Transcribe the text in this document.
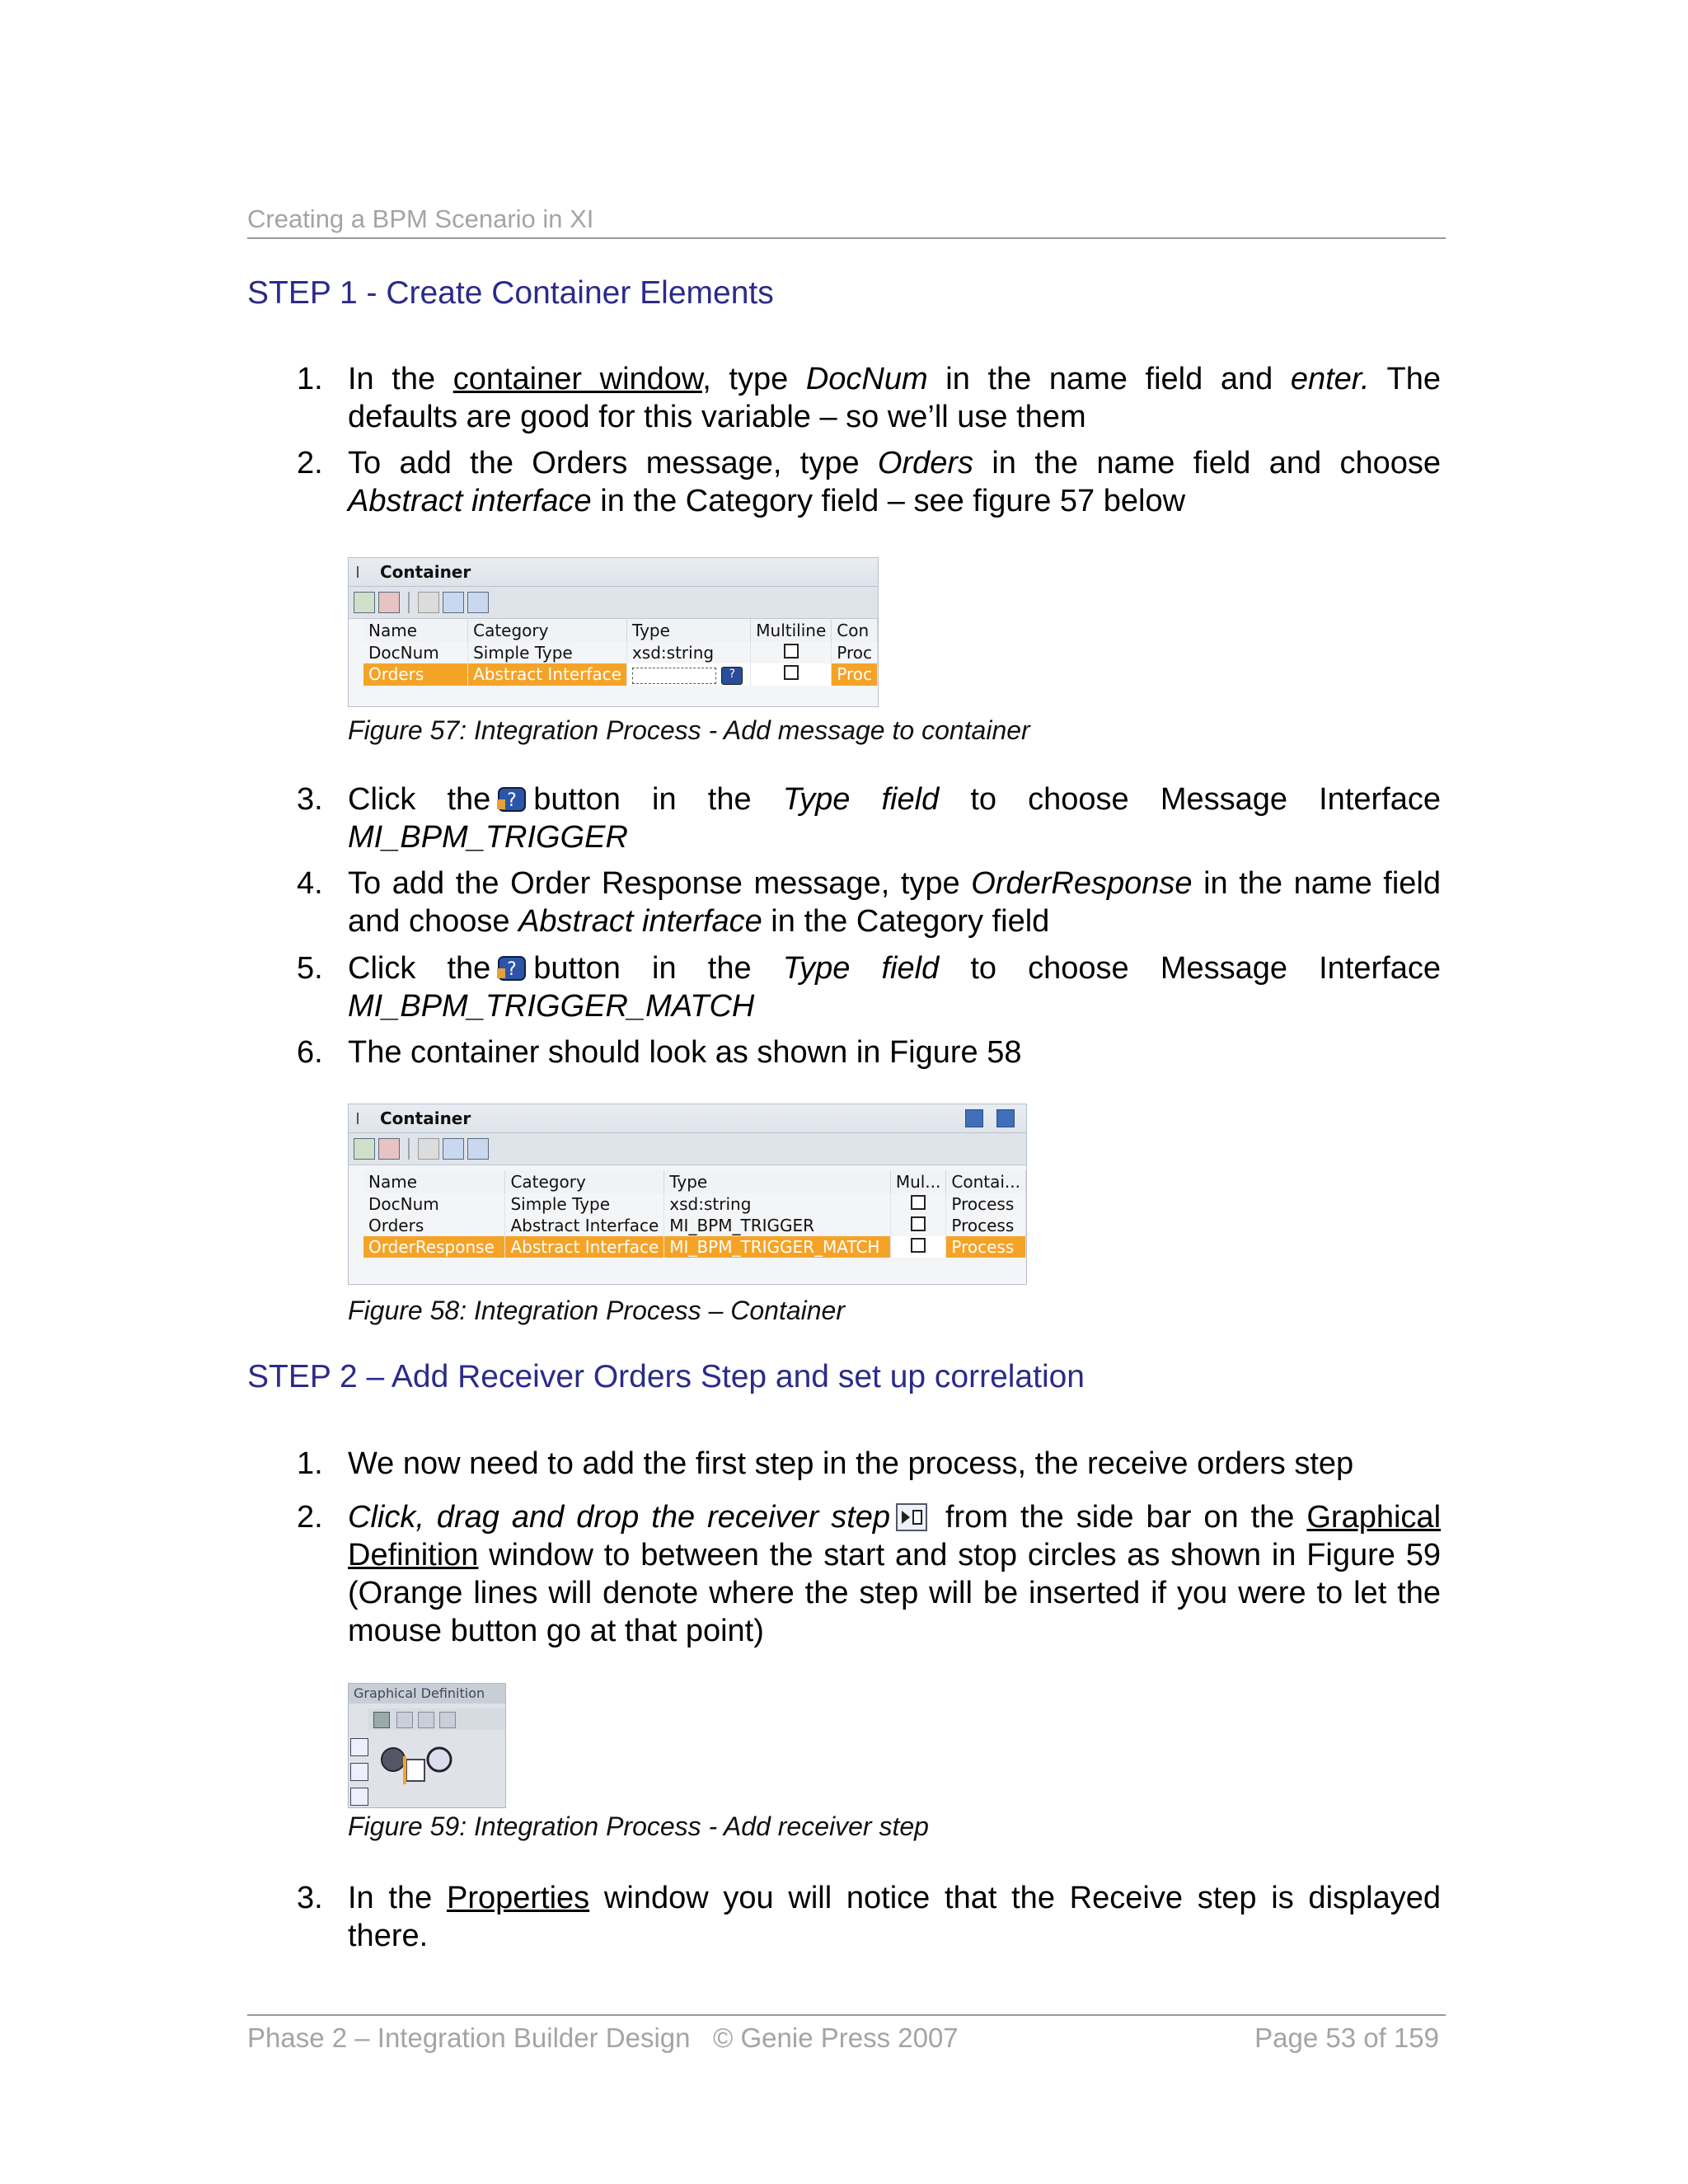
Creating a BPM Scenario in XI
STEP 1 - Create Container Elements
1. In the container window, type DocNum in the name field and enter. The defaults are good for this variable – so we’ll use them
2. To add the Orders message, type Orders in the name field and choose Abstract interface in the Category field – see figure 57 below
Container
Name	Category	Type	Multiline	Con
DocNum	Simple Type	xsd:string		Proc
Orders	Abstract Interface	?		Proc
Figure 57: Integration Process - Add message to container
3. Click the ? button in the Type field to choose Message Interface
MI_BPM_TRIGGER
4. To add the Order Response message, type OrderResponse in the name field and choose Abstract interface in the Category field
5. Click the ? button in the Type field to choose Message Interface
MI_BPM_TRIGGER_MATCH
6. The container should look as shown in Figure 58
Container
Name	Category	Type	Mul...	Contai...
DocNum	Simple Type	xsd:string		Process
Orders	Abstract Interface	MI_BPM_TRIGGER		Process
OrderResponse	Abstract Interface	MI_BPM_TRIGGER_MATCH		Process
Figure 58: Integration Process – Container
STEP 2 – Add Receiver Orders Step and set up correlation
1. We now need to add the first step in the process, the receive orders step
2. Click, drag and drop the receiver step from the side bar on the Graphical Definition window to between the start and stop circles as shown in Figure 59 (Orange lines will denote where the step will be inserted if you were to let the mouse button go at that point)
Graphical Definition
Figure 59: Integration Process - Add receiver step
3. In the Properties window you will notice that the Receive step is displayed there.
Phase 2 – Integration Builder Design   © Genie Press 2007	Page 53 of 159
